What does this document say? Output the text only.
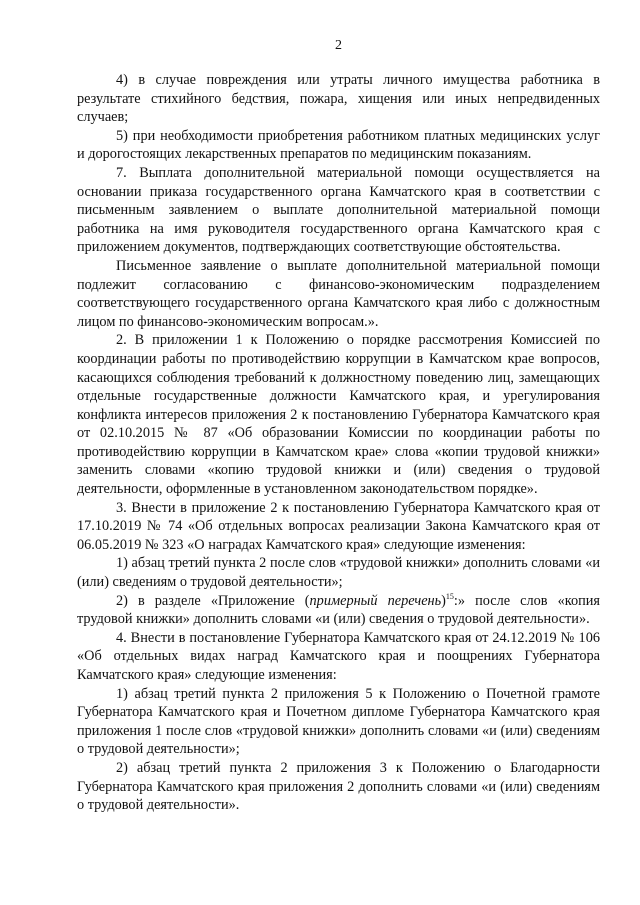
2

4) в случае повреждения или утраты личного имущества работника в результате стихийного бедствия, пожара, хищения или иных непредвиденных случаев;

5) при необходимости приобретения работником платных медицинских услуг и дорогостоящих лекарственных препаратов по медицинским показаниям.

7. Выплата дополнительной материальной помощи осуществляется на основании приказа государственного органа Камчатского края в соответствии с письменным заявлением о выплате дополнительной материальной помощи работника на имя руководителя государственного органа Камчатского края с приложением документов, подтверждающих соответствующие обстоятельства.

Письменное заявление о выплате дополнительной материальной помощи подлежит согласованию с финансово-экономическим подразделением соответствующего государственного органа Камчатского края либо с должностным лицом по финансово-экономическим вопросам.».

2. В приложении 1 к Положению о порядке рассмотрения Комиссией по координации работы по противодействию коррупции в Камчатском крае вопросов, касающихся соблюдения требований к должностному поведению лиц, замещающих отдельные государственные должности Камчатского края, и урегулирования конфликта интересов приложения 2 к постановлению Губернатора Камчатского края от 02.10.2015 № 87 «Об образовании Комиссии по координации работы по противодействию коррупции в Камчатском крае» слова «копии трудовой книжки» заменить словами «копию трудовой книжки и (или) сведения о трудовой деятельности, оформленные в установленном законодательством порядке».

3. Внести в приложение 2 к постановлению Губернатора Камчатского края от 17.10.2019 № 74 «Об отдельных вопросах реализации Закона Камчатского края от 06.05.2019 № 323 «О наградах Камчатского края» следующие изменения:

1) абзац третий пункта 2 после слов «трудовой книжки» дополнить словами «и (или) сведениям о трудовой деятельности»;

2) в разделе «Приложение (примерный перечень)$^{15}$:» после слов «копия трудовой книжки» дополнить словами «и (или) сведения о трудовой деятельности».

4. Внести в постановление Губернатора Камчатского края от 24.12.2019 № 106 «Об отдельных видах наград Камчатского края и поощрениях Губернатора Камчатского края» следующие изменения:

1) абзац третий пункта 2 приложения 5 к Положению о Почетной грамоте Губернатора Камчатского края и Почетном дипломе Губернатора Камчатского края приложения 1 после слов «трудовой книжки» дополнить словами «и (или) сведениям о трудовой деятельности»;

2) абзац третий пункта 2 приложения 3 к Положению о Благодарности Губернатора Камчатского края приложения 2 дополнить словами «и (или) сведениям о трудовой деятельности».
